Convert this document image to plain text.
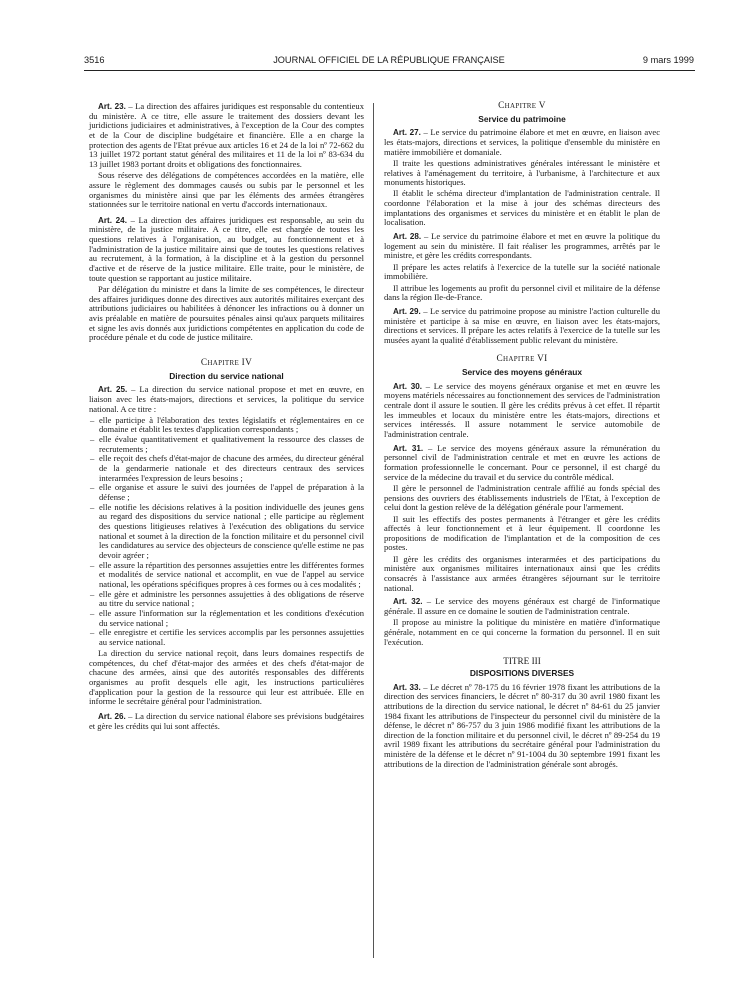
3516	JOURNAL OFFICIEL DE LA RÉPUBLIQUE FRANÇAISE	9 mars 1999

Art. 23. – La direction des affaires juridiques est responsable du contentieux du ministère. A ce titre, elle assure le traitement des dossiers devant les juridictions judiciaires et administratives, à l'exception de la Cour des comptes et de la Cour de discipline budgétaire et financière. Elle a en charge la protection des agents de l'Etat prévue aux articles 16 et 24 de la loi nº 72-662 du 13 juillet 1972 portant statut général des militaires et 11 de la loi nº 83-634 du 13 juillet 1983 portant droits et obligations des fonctionnaires.

Sous réserve des délégations de compétences accordées en la matière, elle assure le règlement des dommages causés ou subis par le personnel et les organismes du ministère ainsi que par les éléments des armées étrangères stationnées sur le territoire national en vertu d'accords internationaux.

Art. 24. – La direction des affaires juridiques est responsable, au sein du ministère, de la justice militaire. A ce titre, elle est chargée de toutes les questions relatives à l'organisation, au budget, au fonctionnement et à l'administration de la justice militaire ainsi que de toutes les questions relatives au recrutement, à la formation, à la discipline et à la gestion du personnel d'active et de réserve de la justice militaire. Elle traite, pour le ministère, de toute question se rapportant au justice militaire.

Par délégation du ministre et dans la limite de ses compétences, le directeur des affaires juridiques donne des directives aux autorités militaires exerçant des attributions judiciaires ou habilitées à dénoncer les infractions ou à donner un avis préalable en matière de poursuites pénales ainsi qu'aux parquets militaires et signe les avis donnés aux juridictions compétentes en application du code de procédure pénale et du code de justice militaire.

Chapitre IV
Direction du service national

Art. 25. – La direction du service national propose et met en œuvre, en liaison avec les états-majors, directions et services, la politique du service national. A ce titre :

– elle participe à l'élaboration des textes législatifs et réglementaires en ce domaine et établit les textes d'application correspondants ;
– elle évalue quantitativement et qualitativement la ressource des classes de recrutements ;
– elle reçoit des chefs d'état-major de chacune des armées, du directeur général de la gendarmerie nationale et des directeurs centraux des services interarmées l'expression de leurs besoins ;
– elle organise et assure le suivi des journées de l'appel de préparation à la défense ;
– elle notifie les décisions relatives à la position individuelle des jeunes gens au regard des dispositions du service national ; elle participe au règlement des questions litigieuses relatives à l'exécution des obligations du service national et soumet à la direction de la fonction militaire et du personnel civil les candidatures au service des objecteurs de conscience qu'elle estime ne pas devoir agréer ;
– elle assure la répartition des personnes assujetties entre les différentes formes et modalités de service national et accomplit, en vue de l'appel au service national, les opérations spécifiques propres à ces formes ou à ces modalités ;
– elle gère et administre les personnes assujetties à des obligations de réserve au titre du service national ;
– elle assure l'information sur la réglementation et les conditions d'exécution du service national ;
– elle enregistre et certifie les services accomplis par les personnes assujetties au service national.

La direction du service national reçoit, dans leurs domaines respectifs de compétences, du chef d'état-major des armées et des chefs d'état-major de chacune des armées, ainsi que des autorités responsables des différents organismes au profit desquels elle agit, les instructions particulières d'application pour la gestion de la ressource qui leur est attribuée. Elle en informe le secrétaire général pour l'administration.

Art. 26. – La direction du service national élabore ses prévisions budgétaires et gère les crédits qui lui sont affectés.

Chapitre V
Service du patrimoine

Art. 27. – Le service du patrimoine élabore et met en œuvre, en liaison avec les états-majors, directions et services, la politique d'ensemble du ministère en matière immobilière et domaniale.

Il traite les questions administratives générales intéressant le ministère et relatives à l'aménagement du territoire, à l'urbanisme, à l'architecture et aux monuments historiques.

Il établit le schéma directeur d'implantation de l'administration centrale. Il coordonne l'élaboration et la mise à jour des schémas directeurs des implantations des organismes et services du ministère et en établit le plan de localisation.

Art. 28. – Le service du patrimoine élabore et met en œuvre la politique du logement au sein du ministère. Il fait réaliser les programmes, arrêtés par le ministre, et gère les crédits correspondants.

Il prépare les actes relatifs à l'exercice de la tutelle sur la société nationale immobilière.

Il attribue les logements au profit du personnel civil et militaire de la défense dans la région Ile-de-France.

Art. 29. – Le service du patrimoine propose au ministre l'action culturelle du ministère et participe à sa mise en œuvre, en liaison avec les états-majors, directions et services. Il prépare les actes relatifs à l'exercice de la tutelle sur les musées ayant la qualité d'établissement public relevant du ministère.

Chapitre VI
Service des moyens généraux

Art. 30. – Le service des moyens généraux organise et met en œuvre les moyens matériels nécessaires au fonctionnement des services de l'administration centrale dont il assure le soutien. Il gère les crédits prévus à cet effet. Il répartit les immeubles et locaux du ministère entre les états-majors, directions et services intéressés. Il assure notamment le service automobile de l'administration centrale.

Art. 31. – Le service des moyens généraux assure la rémunération du personnel civil de l'administration centrale et met en œuvre les actions de formation professionnelle le concernant. Pour ce personnel, il est chargé du service de la médecine du travail et du service du contrôle médical.

Il gère le personnel de l'administration centrale affilié au fonds spécial des pensions des ouvriers des établissements industriels de l'Etat, à l'exception de celui dont la gestion relève de la délégation générale pour l'armement.

Il suit les effectifs des postes permanents à l'étranger et gère les crédits affectés à leur fonctionnement et à leur équipement. Il coordonne les propositions de modification de l'implantation et de la composition de ces postes.

Il gère les crédits des organismes interarmées et des participations du ministère aux organismes militaires internationaux ainsi que les crédits consacrés à l'assistance aux armées étrangères séjournant sur le territoire national.

Art. 32. – Le service des moyens généraux est chargé de l'informatique générale. Il assure en ce domaine le soutien de l'administration centrale.

Il propose au ministre la politique du ministère en matière d'informatique générale, notamment en ce qui concerne la formation du personnel. Il en suit l'exécution.

TITRE III
DISPOSITIONS DIVERSES

Art. 33. – Le décret nº 78-175 du 16 février 1978 fixant les attributions de la direction des services financiers, le décret nº 80-317 du 30 avril 1980 fixant les attributions de la direction du service national, le décret nº 84-61 du 25 janvier 1984 fixant les attributions de l'inspecteur du personnel civil du ministère de la défense, le décret nº 86-757 du 3 juin 1986 modifié fixant les attributions de la direction de la fonction militaire et du personnel civil, le décret nº 89-254 du 19 avril 1989 fixant les attributions du secrétaire général pour l'administration du ministère de la défense et le décret nº 91-1004 du 30 septembre 1991 fixant les attributions de la direction de l'administration générale sont abrogés.
